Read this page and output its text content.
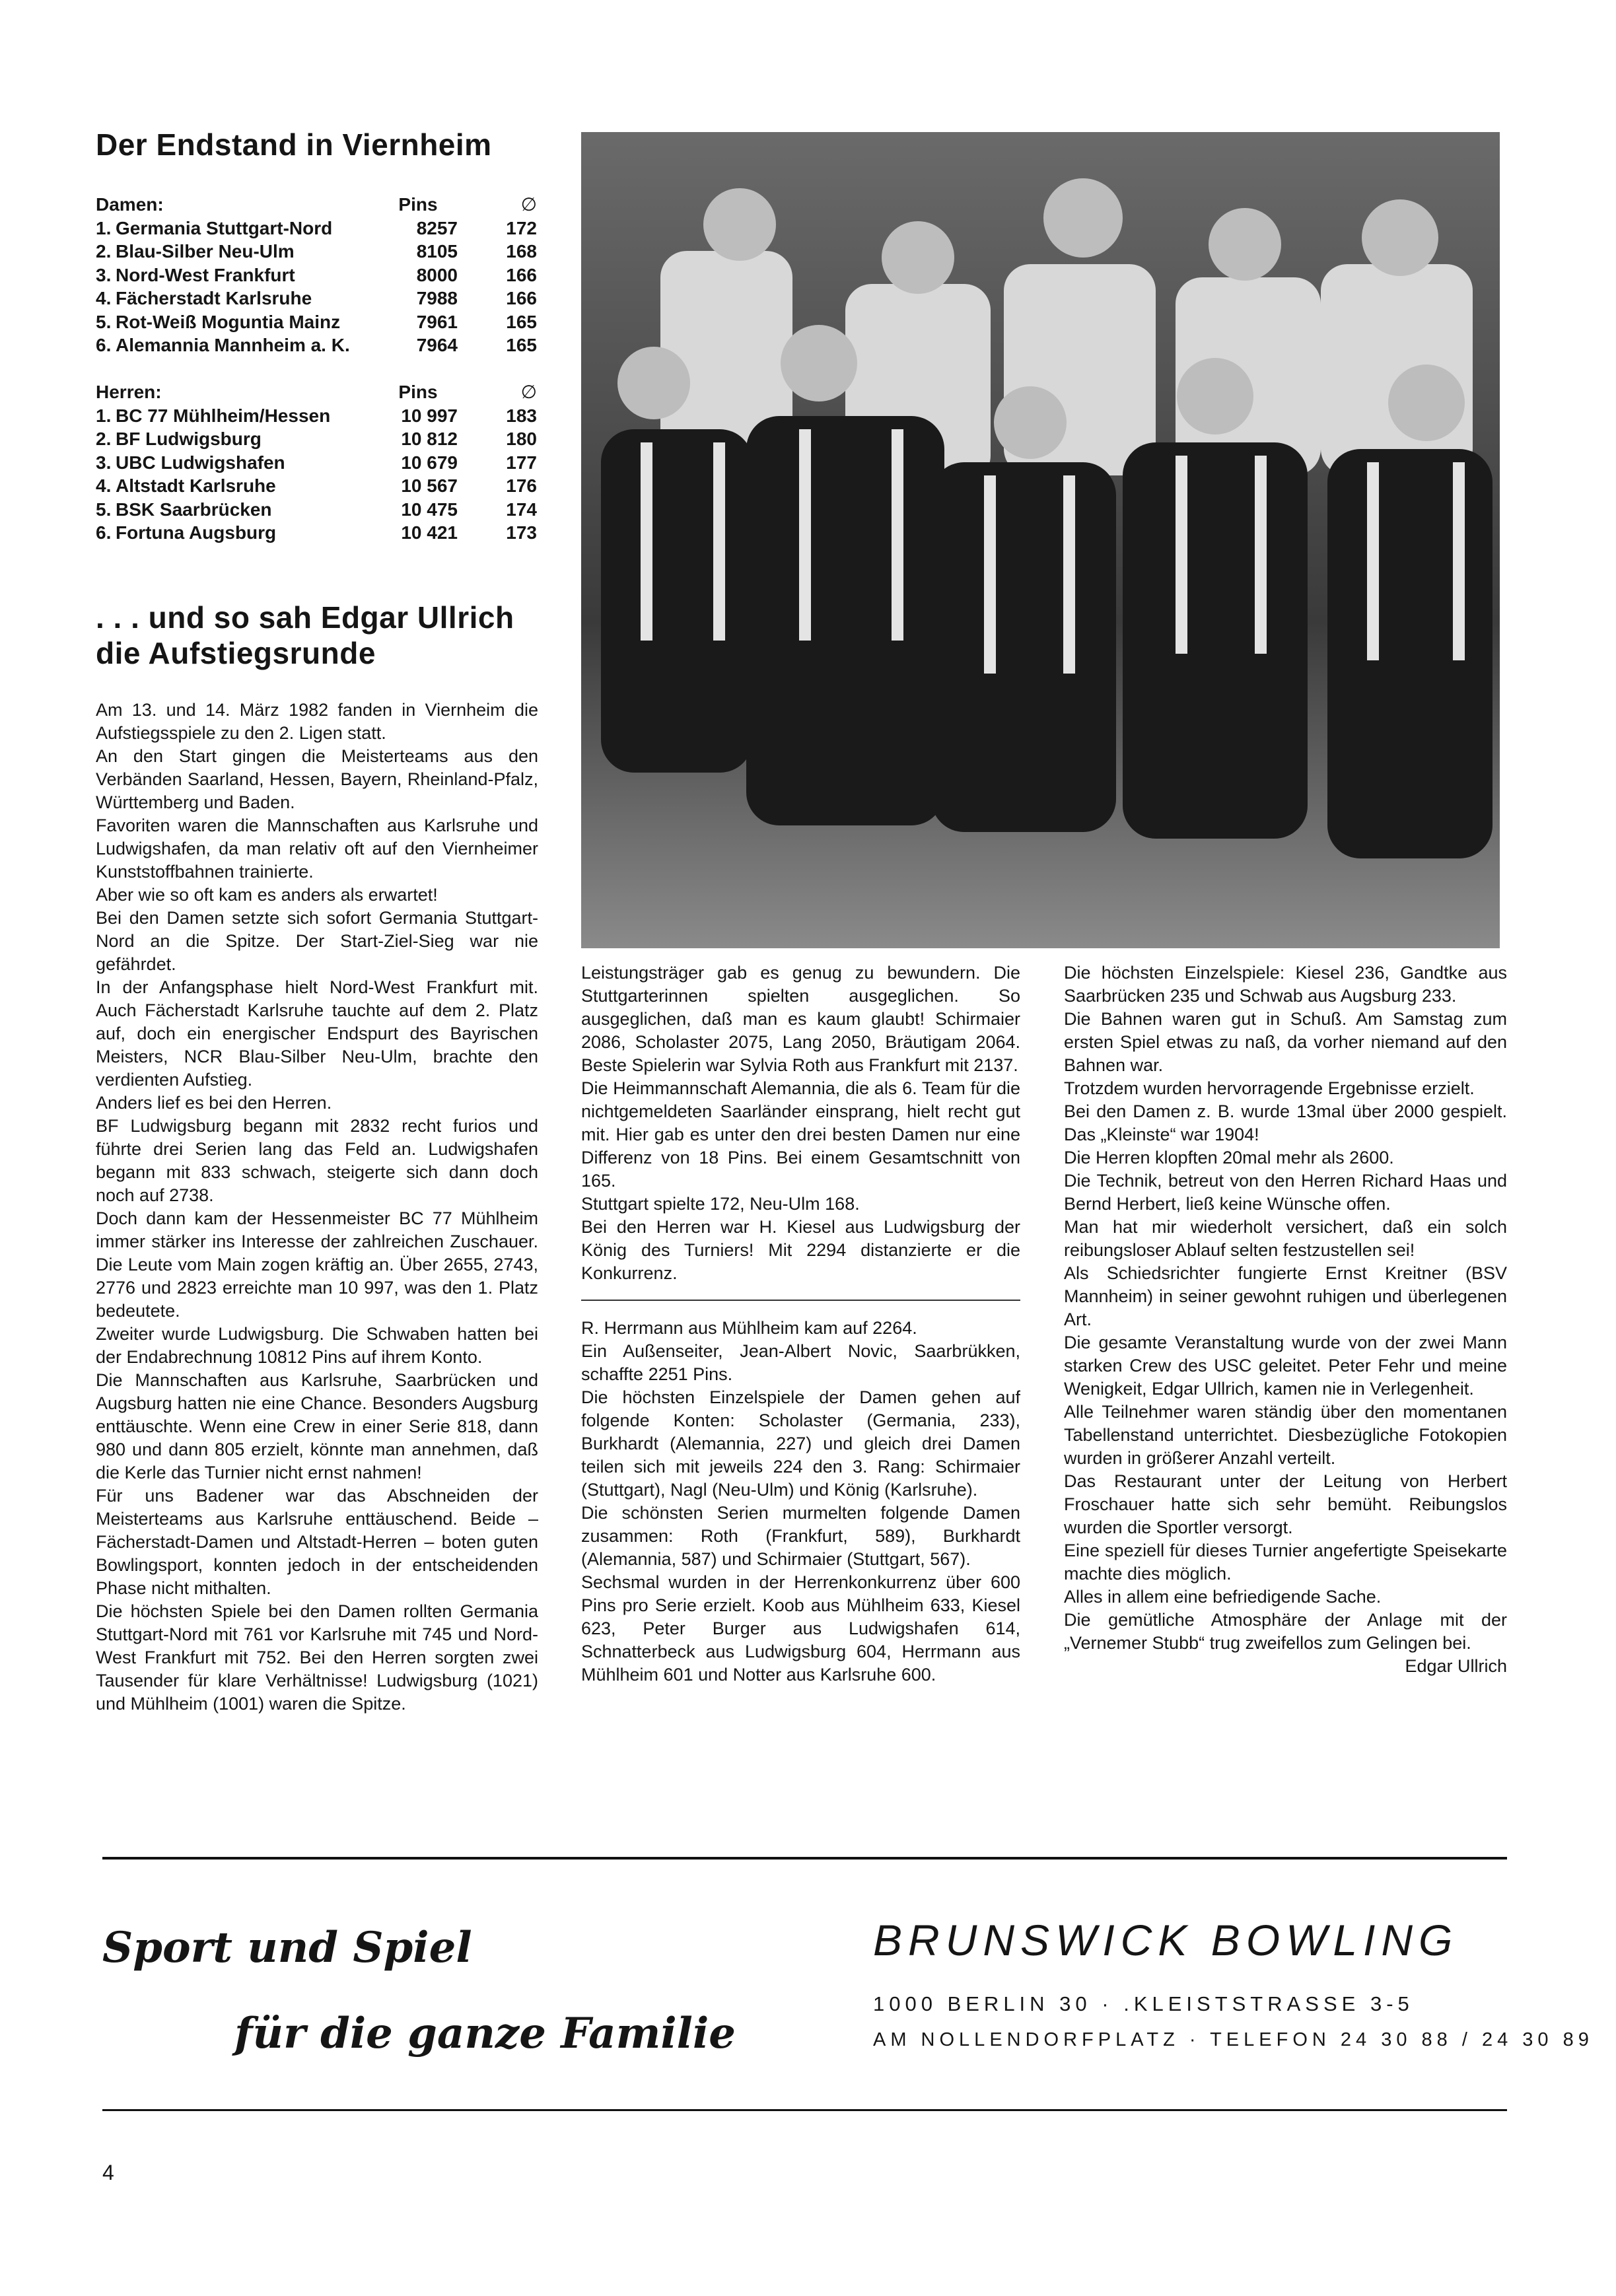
Der Endstand in Viernheim
Damen:	Pins	∅
1. Germania Stuttgart-Nord	8257	172
2. Blau-Silber Neu-Ulm	8105	168
3. Nord-West Frankfurt	8000	166
4. Fächerstadt Karlsruhe	7988	166
5. Rot-Weiß Moguntia Mainz	7961	165
6. Alemannia Mannheim a. K.	7964	165
Herren:	Pins	∅
1. BC 77 Mühlheim/Hessen	10 997	183
2. BF Ludwigsburg	10 812	180
3. UBC Ludwigshafen	10 679	177
4. Altstadt Karlsruhe	10 567	176
5. BSK Saarbrücken	10 475	174
6. Fortuna Augsburg	10 421	173
. . . und so sah Edgar Ullrich
die Aufstiegsrunde

Am 13. und 14. März 1982 fanden in Viernheim die Aufstiegsspiele zu den 2. Ligen statt.

An den Start gingen die Meisterteams aus den Verbänden Saarland, Hessen, Bayern, Rheinland-Pfalz, Württemberg und Baden.

Favoriten waren die Mannschaften aus Karlsruhe und Ludwigshafen, da man relativ oft auf den Viernheimer Kunststoffbahnen trainierte.

Aber wie so oft kam es anders als erwartet!

Bei den Damen setzte sich sofort Germania Stuttgart-Nord an die Spitze. Der Start-Ziel-Sieg war nie gefährdet.

In der Anfangsphase hielt Nord-West Frankfurt mit. Auch Fächerstadt Karlsruhe tauchte auf dem 2. Platz auf, doch ein energischer Endspurt des Bayrischen Meisters, NCR Blau-Silber Neu-Ulm, brachte den verdienten Aufstieg.

Anders lief es bei den Herren.

BF Ludwigsburg begann mit 2832 recht furios und führte drei Serien lang das Feld an. Ludwigshafen begann mit 833 schwach, steigerte sich dann doch noch auf 2738.

Doch dann kam der Hessenmeister BC 77 Mühlheim immer stärker ins Interesse der zahlreichen Zuschauer. Die Leute vom Main zogen kräftig an. Über 2655, 2743, 2776 und 2823 erreichte man 10 997, was den 1. Platz bedeutete.

Zweiter wurde Ludwigsburg. Die Schwaben hatten bei der Endabrechnung 10812 Pins auf ihrem Konto.

Die Mannschaften aus Karlsruhe, Saarbrücken und Augsburg hatten nie eine Chance. Besonders Augsburg enttäuschte. Wenn eine Crew in einer Serie 818, dann 980 und dann 805 erzielt, könnte man annehmen, daß die Kerle das Turnier nicht ernst nahmen!

Für uns Badener war das Abschneiden der Meisterteams aus Karlsruhe enttäuschend. Beide – Fächerstadt-Damen und Altstadt-Herren – boten guten Bowlingsport, konnten jedoch in der entscheidenden Phase nicht mithalten.

Die höchsten Spiele bei den Damen rollten Germania Stuttgart-Nord mit 761 vor Karlsruhe mit 745 und Nord-West Frankfurt mit 752. Bei den Herren sorgten zwei Tausender für klare Verhältnisse! Ludwigsburg (1021) und Mühlheim (1001) waren die Spitze.

Leistungsträger gab es genug zu bewundern. Die Stuttgarterinnen spielten ausgeglichen. So ausgeglichen, daß man es kaum glaubt! Schirmaier 2086, Scholaster 2075, Lang 2050, Bräutigam 2064. Beste Spielerin war Sylvia Roth aus Frankfurt mit 2137.

Die Heimmannschaft Alemannia, die als 6. Team für die nichtgemeldeten Saarländer einsprang, hielt recht gut mit. Hier gab es unter den drei besten Damen nur eine Differenz von 18 Pins. Bei einem Gesamtschnitt von 165.

Stuttgart spielte 172, Neu-Ulm 168.

Bei den Herren war H. Kiesel aus Ludwigsburg der König des Turniers! Mit 2294 distanzierte er die Konkurrenz.

R. Herrmann aus Mühlheim kam auf 2264.

Ein Außenseiter, Jean-Albert Novic, Saarbrükken, schaffte 2251 Pins.

Die höchsten Einzelspiele der Damen gehen auf folgende Konten: Scholaster (Germania, 233), Burkhardt (Alemannia, 227) und gleich drei Damen teilen sich mit jeweils 224 den 3. Rang: Schirmaier (Stuttgart), Nagl (Neu-Ulm) und König (Karlsruhe).

Die schönsten Serien murmelten folgende Damen zusammen: Roth (Frankfurt, 589), Burkhardt (Alemannia, 587) und Schirmaier (Stuttgart, 567).

Sechsmal wurden in der Herrenkonkurrenz über 600 Pins pro Serie erzielt. Koob aus Mühlheim 633, Kiesel 623, Peter Burger aus Ludwigshafen 614, Schnatterbeck aus Ludwigsburg 604, Herrmann aus Mühlheim 601 und Notter aus Karlsruhe 600.

Die höchsten Einzelspiele: Kiesel 236, Gandtke aus Saarbrücken 235 und Schwab aus Augsburg 233.

Die Bahnen waren gut in Schuß. Am Samstag zum ersten Spiel etwas zu naß, da vorher niemand auf den Bahnen war.

Trotzdem wurden hervorragende Ergebnisse erzielt.

Bei den Damen z. B. wurde 13mal über 2000 gespielt. Das „Kleinste“ war 1904!

Die Herren klopften 20mal mehr als 2600.

Die Technik, betreut von den Herren Richard Haas und Bernd Herbert, ließ keine Wünsche offen.

Man hat mir wiederholt versichert, daß ein solch reibungsloser Ablauf selten festzustellen sei!

Als Schiedsrichter fungierte Ernst Kreitner (BSV Mannheim) in seiner gewohnt ruhigen und überlegenen Art.

Die gesamte Veranstaltung wurde von der zwei Mann starken Crew des USC geleitet. Peter Fehr und meine Wenigkeit, Edgar Ullrich, kamen nie in Verlegenheit.

Alle Teilnehmer waren ständig über den momentanen Tabellenstand unterrichtet. Diesbezügliche Fotokopien wurden in größerer Anzahl verteilt.

Das Restaurant unter der Leitung von Herbert Froschauer hatte sich sehr bemüht. Reibungslos wurden die Sportler versorgt.

Eine speziell für dieses Turnier angefertigte Speisekarte machte dies möglich.

Alles in allem eine befriedigende Sache.

Die gemütliche Atmosphäre der Anlage mit der „Vernemer Stubb“ trug zweifellos zum Gelingen bei.

Edgar Ullrich

Sport und Spiel
für die ganze Familie
BRUNSWICK BOWLING
1000 BERLIN 30 · .KLEISTSTRASSE 3-5
AM NOLLENDORFPLATZ · TELEFON 24 30 88 / 24 30 89
4
